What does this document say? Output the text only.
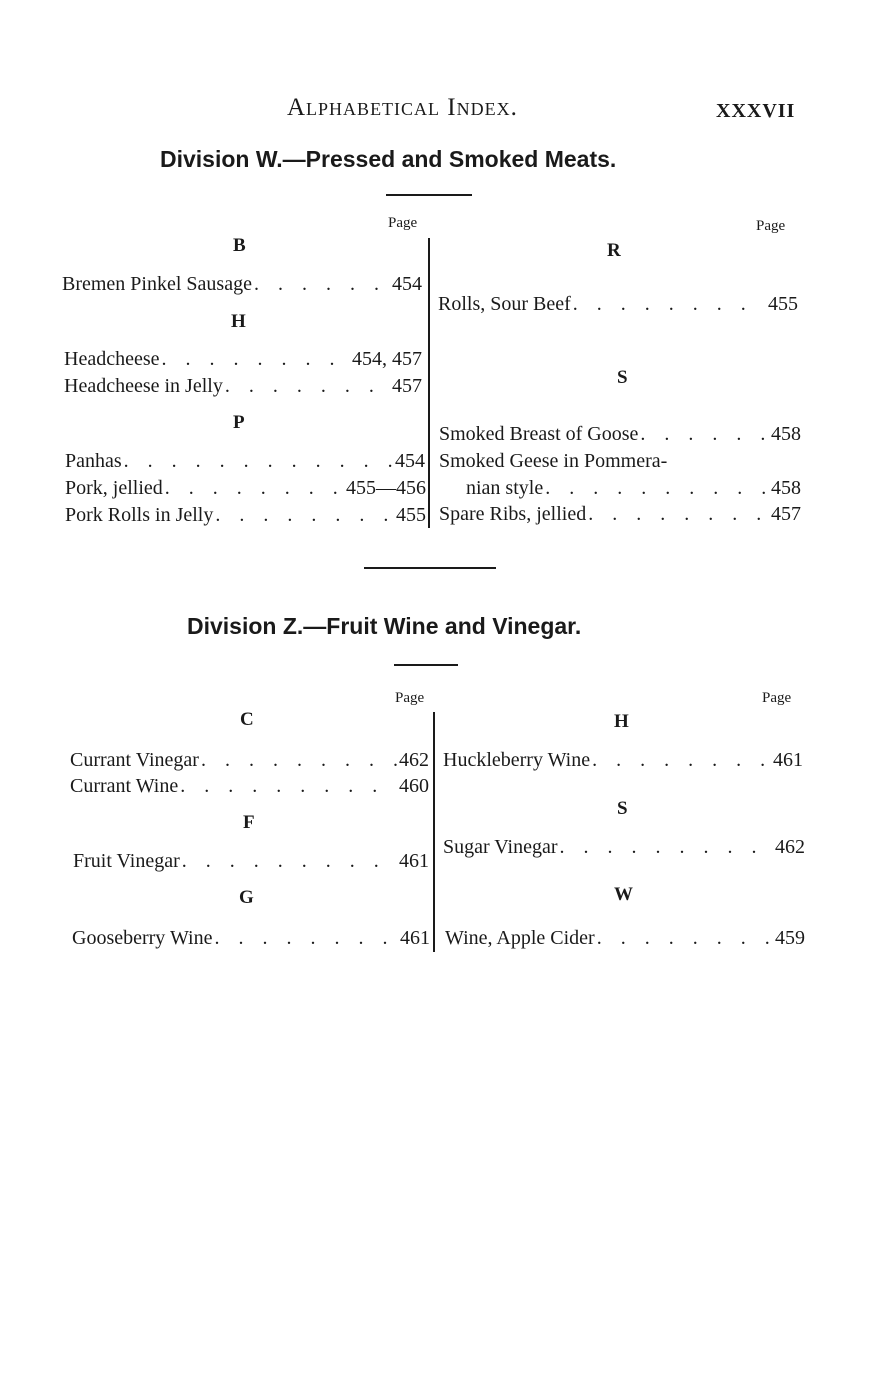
Alphabetical Index.	XXXVII
Division W.—Pressed and Smoked Meats.
Page	Page
B
Bremen Pinkel Sausage . . .	454
H
Headcheese . . .	454, 457
Headcheese in Jelly . . .	457
P
Panhas . . .	454
Pork, jellied . . .	455—456
Pork Rolls in Jelly . . .	455
R
Rolls, Sour Beef . . .	455
S
Smoked Breast of Goose . . .	458
Smoked Geese in Pommera-
nian style . . .	458
Spare Ribs, jellied . . .	457
Division Z.—Fruit Wine and Vinegar.
Page	Page
C
Currant Vinegar . . .	462
Currant Wine . . .	460
F
Fruit Vinegar . . .	461
G
Gooseberry Wine . . .	461
H
Huckleberry Wine . . .	461
S
Sugar Vinegar . . .	462
W
Wine, Apple Cider . . .	459
